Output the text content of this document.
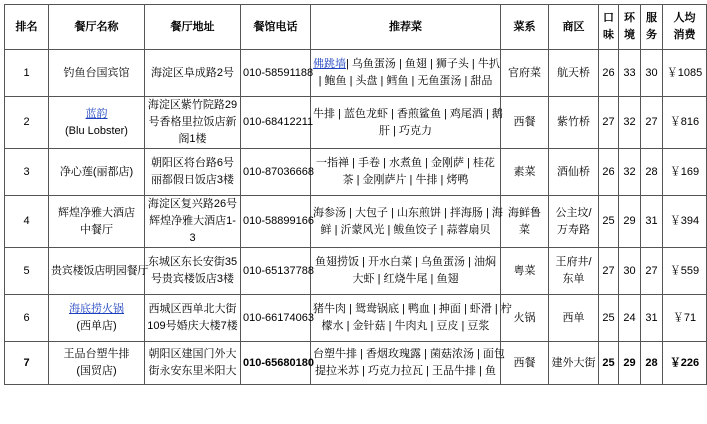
排名	餐厅名称	餐厅地址	餐馆电话	推荐菜	菜系	商区	口味	环境	服务	人均
消费

1	钓鱼台国宾馆	海淀区阜成路2号	010-58591188	佛跳墙| 乌鱼蛋汤 | 鱼翅 | 狮子头 | 牛扒
| 鲍鱼 | 头盘 | 鳕鱼 | 无鱼蛋汤 | 甜品	官府菜	航天桥	26	33	30	￥1085
2	蓝韵
(Blu Lobster)	海淀区紫竹院路29号香格里拉饭店新阁1楼	010-68412211	牛排 | 蓝色龙虾 | 香煎鲨鱼 | 鸡尾酒 | 鹅
肝 | 巧克力	西餐	紫竹桥	27	32	27	￥816
3	净心莲(丽都店)	朝阳区将台路6号丽都假日饭店3楼	010-87036668	一指禅 | 手卷 | 水煮鱼 | 金刚萨 | 桂花
茶 | 金刚萨片 | 牛排 | 烤鸭	素菜	酒仙桥	26	32	28	￥169
4	辉煌净雅大酒店
中餐厅	海淀区复兴路26号辉煌净雅大酒店1-3	010-58899166	海参汤 | 大包子 | 山东煎饼 | 拌海肠 | 海
鲜 | 沂蒙风光 | 鲅鱼饺子 | 蒜蓉扇贝	海鲜鲁菜	公主坟/万寿路	25	29	31	￥394
5	贵宾楼饭店明园餐厅	东城区东长安街35号贵宾楼饭店3楼	010-65137788	鱼翅捞饭 | 开水白菜 | 乌鱼蛋汤 | 油焖
大虾 | 红烧牛尾 | 鱼翅	粤菜	王府井/东单	27	30	27	￥559
6	海底捞火锅
(西单店)	西城区西单北大街109号婚庆大楼7楼	010-66174063	猪牛肉 | 鸳鸯锅底 | 鸭血 | 抻面 | 虾滑 | 柠
檬水 | 金针菇 | 牛肉丸 | 豆皮 | 豆浆	火锅	西单	25	24	31	￥71
7	王品台塑牛排
(国贸店)	朝阳区建国门外大街永安东里米阳大	010-65680180	台塑牛排 | 香烟玫瑰露 | 菌菇浓汤 | 面包
提拉米苏 | 巧克力拉瓦 | 王品牛排 | 鱼	西餐	建外大街	25	29	28	￥226
